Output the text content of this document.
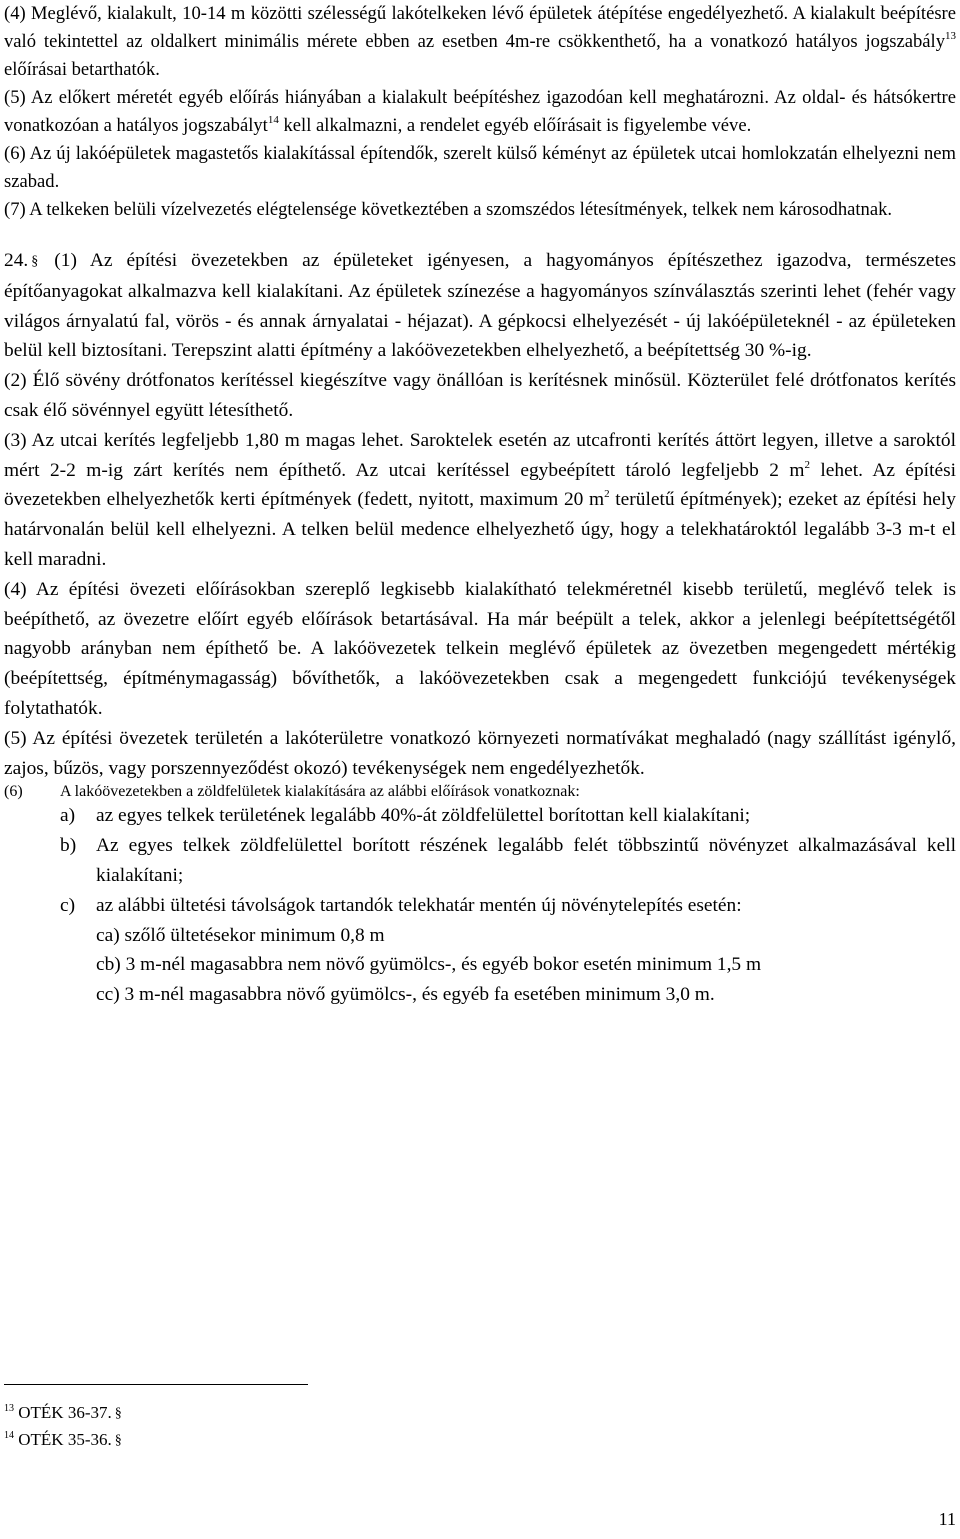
(4) Meglévő, kialakult, 10-14 m közötti szélességű lakótelkeken lévő épületek átépítése engedélyezhető. A kialakult beépítésre való tekintettel az oldalkert minimális mérete ebben az esetben 4m-re csökkenthető, ha a vonatkozó hatályos jogszabály$^{13}$ előírásai betarthatók.

(5) Az előkert méretét egyéb előírás hiányában a kialakult beépítéshez igazodóan kell meghatározni. Az oldal- és hátsókertre vonatkozóan a hatályos jogszabályt$^{14}$ kell alkalmazni, a rendelet egyéb előírásait is figyelembe véve.

(6) Az új lakóépületek magastetős kialakítással építendők, szerelt külső kéményt az épületek utcai homlokzatán elhelyezni nem szabad.

(7) A telkeken belüli vízelvezetés elégtelensége következtében a szomszédos létesítmények, telkek nem károsodhatnak.

24. § (1) Az építési övezetekben az épületeket igényesen, a hagyományos építészethez igazodva, természetes építőanyagokat alkalmazva kell kialakítani. Az épületek színezése a hagyományos színválasztás szerinti lehet (fehér vagy világos árnyalatú fal, vörös - és annak árnyalatai - héjazat). A gépkocsi elhelyezését - új lakóépületeknél - az épületeken belül kell biztosítani. Terepszint alatti építmény a lakóövezetekben elhelyezhető, a beépítettség 30 %-ig.

(2) Élő sövény drótfonatos kerítéssel kiegészítve vagy önállóan is kerítésnek minősül. Közterület felé drótfonatos kerítés csak élő sövénnyel együtt létesíthető.

(3) Az utcai kerítés legfeljebb 1,80 m magas lehet. Saroktelek esetén az utcafronti kerítés áttört legyen, illetve a saroktól mért 2-2 m-ig zárt kerítés nem építhető. Az utcai kerítéssel egybeépített tároló legfeljebb 2 $m^2$ lehet. Az építési övezetekben elhelyezhetők kerti építmények (fedett, nyitott, maximum 20 $m^2$ területű építmények); ezeket az építési hely határvonalán belül kell elhelyezni. A telken belül medence elhelyezhető úgy, hogy a telekhatároktól legalább 3-3 m-t el kell maradni.

(4) Az építési övezeti előírásokban szereplő legkisebb kialakítható telekméretnél kisebb területű, meglévő telek is beépíthető, az övezetre előírt egyéb előírások betartásával. Ha már beépült a telek, akkor a jelenlegi beépítettségétől nagyobb arányban nem építhető be. A lakóövezetek telkein meglévő épületek az övezetben megengedett mértékig (beépítettség, építménymagasság) bővíthetők, a lakóövezetekben csak a megengedett funkciójú tevékenységek folytathatók.

(5) Az építési övezetek területén a lakóterületre vonatkozó környezeti normatívákat meghaladó (nagy szállítást igénylő, zajos, bűzös, vagy porszennyeződést okozó) tevékenységek nem engedélyezhetők.

(6)	A lakóövezetekben a zöldfelületek kialakítására az alábbi előírások vonatkoznak:
a)	az egyes telkek területének legalább 40%-át zöldfelülettel borítottan kell kialakítani;
b)	Az egyes telkek zöldfelülettel borított részének legalább felét többszintű növényzet alkalmazásával kell kialakítani;
c)	az alábbi ültetési távolságok tartandók telekhatár mentén új növénytelepítés esetén:
ca) szőlő ültetésekor minimum 0,8 m
cb) 3 m-nél magasabbra nem növő gyümölcs-, és egyéb bokor esetén minimum 1,5 m
cc) 3 m-nél magasabbra növő gyümölcs-, és egyéb fa esetében minimum 3,0 m.
$^{13}$ OTÉK 36-37. §
$^{14}$ OTÉK 35-36. §
11
